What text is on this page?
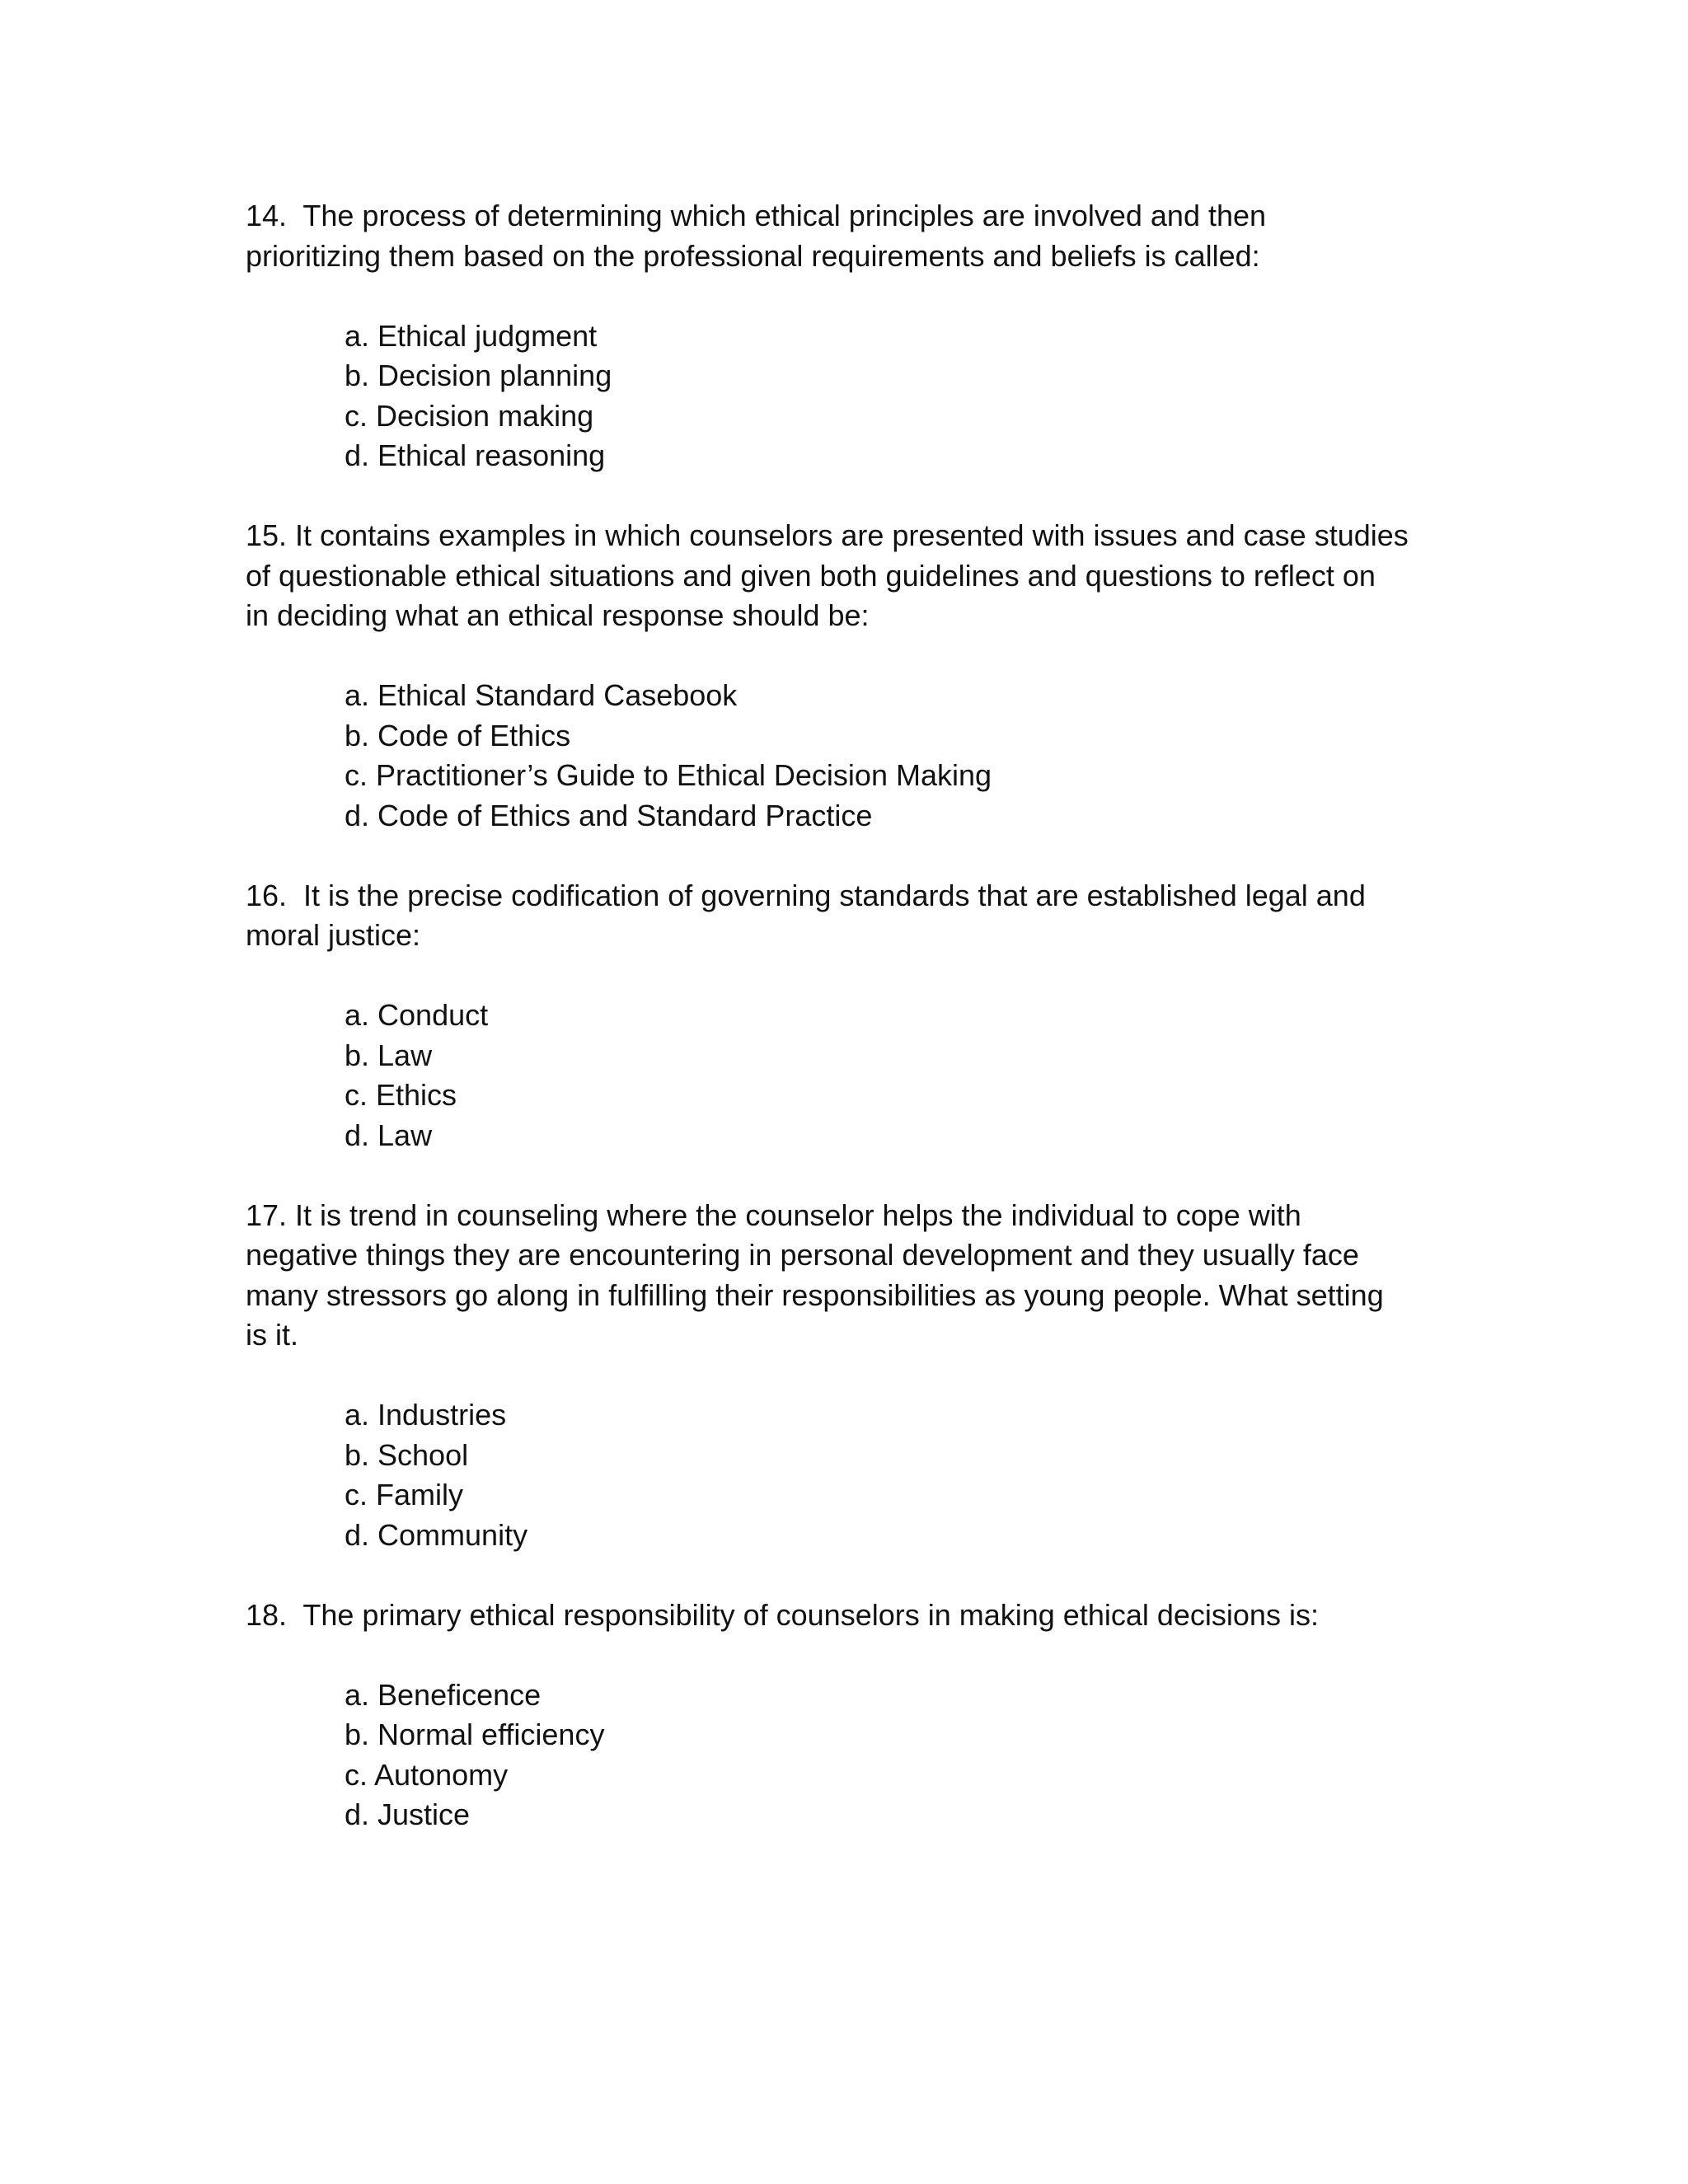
14.  The process of determining which ethical principles are involved and then
prioritizing them based on the professional requirements and beliefs is called:

a. Ethical judgment
b. Decision planning
c. Decision making
d. Ethical reasoning

15. It contains examples in which counselors are presented with issues and case studies
of questionable ethical situations and given both guidelines and questions to reflect on
in deciding what an ethical response should be:

a. Ethical Standard Casebook
b. Code of Ethics
c. Practitioner’s Guide to Ethical Decision Making
d. Code of Ethics and Standard Practice

16.  It is the precise codification of governing standards that are established legal and
moral justice:

a. Conduct
b. Law
c. Ethics
d. Law

17. It is trend in counseling where the counselor helps the individual to cope with
negative things they are encountering in personal development and they usually face
many stressors go along in fulfilling their responsibilities as young people. What setting
is it.

a. Industries
b. School
c. Family
d. Community

18.  The primary ethical responsibility of counselors in making ethical decisions is:

a. Beneficence
b. Normal efficiency
c. Autonomy
d. Justice
